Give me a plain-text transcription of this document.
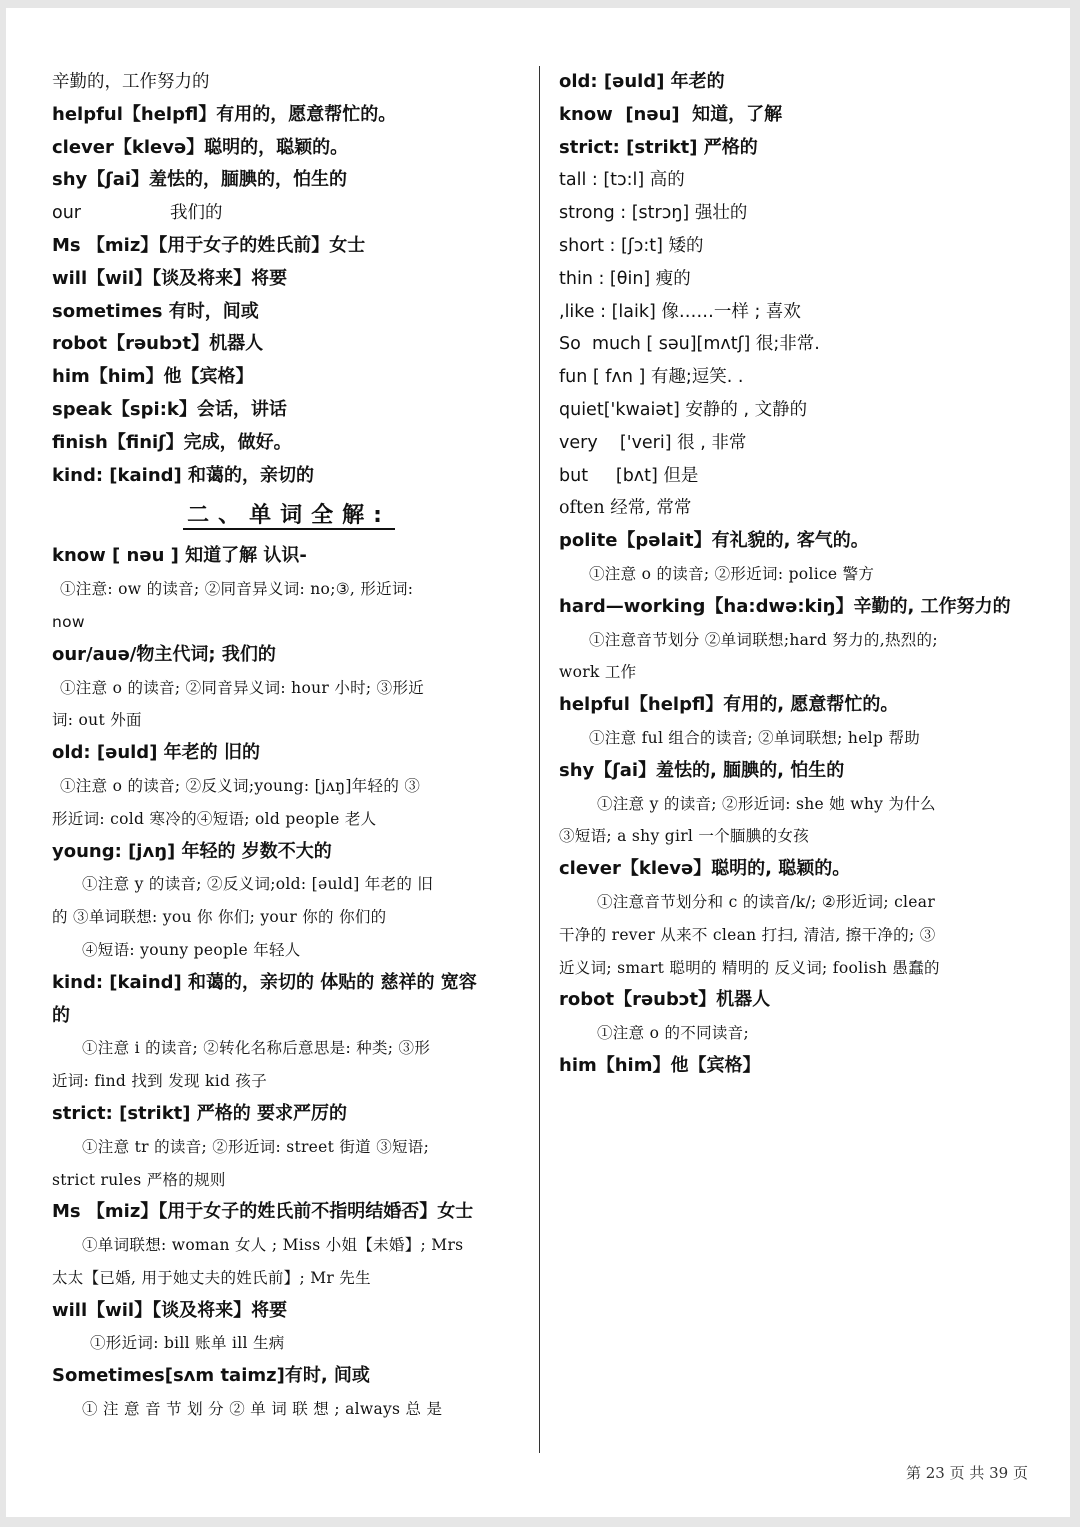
辛勤的，工作努力的
helpful【helpfl】有用的，愿意帮忙的。
clever【klevə】聪明的，聪颖的。
shy【ʃai】羞怯的，腼腆的，怕生的
our                我们的
Ms 【miz】【用于女子的姓氏前】女士
will【wil】【谈及将来】将要
sometimes 有时，间或
robot【rəubɔt】机器人
him【him】他【宾格】
speak【spi:k】会话，讲话
finish【finiʃ】完成，做好。
kind: [kaind] 和蔼的，亲切的
二、单词全解:
know [ nəu ] 知道了解 认识-
①注意: ow 的读音; ②同音异义词: no;③, 形近词:
now
our/auə/物主代词; 我们的
①注意 o 的读音; ②同音异义词: hour 小时; ③形近
词: out 外面
old: [əuld] 年老的 旧的
①注意 o 的读音; ②反义词;young: [jʌŋ]年轻的 ③
形近词: cold 寒冷的④短语; old people 老人
young: [jʌŋ] 年轻的 岁数不大的
①注意 y 的读音; ②反义词;old: [əuld] 年老的 旧
的 ③单词联想: you 你 你们; your 你的 你们的
④短语: youny people 年轻人
kind: [kaind] 和蔼的，亲切的 体贴的 慈祥的 宽容
的
①注意 i 的读音; ②转化名称后意思是: 种类; ③形
近词: find 找到 发现 kid 孩子
strict: [strikt] 严格的 要求严厉的
①注意 tr 的读音; ②形近词: street 街道 ③短语;
strict rules 严格的规则
Ms 【miz】【用于女子的姓氏前不指明结婚否】女士
①单词联想: woman 女人 ; Miss 小姐【未婚】; Mrs
太太【已婚, 用于她丈夫的姓氏前】; Mr 先生
will【wil】【谈及将来】将要
①形近词: bill 账单 ill 生病
Sometimes[sʌm taimz]有时, 间或
① 注 意 音 节 划 分 ② 单 词 联 想 ; always 总 是
old: [əuld] 年老的
know  [nəu]  知道，了解
strict: [strikt] 严格的
tall : [tɔ:l] 高的
strong : [strɔŋ] 强壮的
short : [ʃɔ:t] 矮的
thin : [θin] 瘦的
,like : [laik] 像……一样 ; 喜欢
So  much [ səu][mʌtʃ] 很;非常.
fun [ fʌn ] 有趣;逗笑. .
quiet['kwaiət] 安静的 , 文静的
very    ['veri] 很 , 非常
but     [bʌt] 但是
often 经常, 常常
polite【pəlait】有礼貌的, 客气的。
①注意 o 的读音; ②形近词: police 警方
hard—working【ha:dwə:kiŋ】辛勤的, 工作努力的
①注意音节划分 ②单词联想;hard 努力的,热烈的;
work 工作
helpful【helpfl】有用的, 愿意帮忙的。
①注意 ful 组合的读音; ②单词联想; help 帮助
shy【ʃai】羞怯的, 腼腆的, 怕生的
①注意 y 的读音; ②形近词: she 她 why 为什么
③短语; a shy girl 一个腼腆的女孩
clever【klevə】聪明的, 聪颖的。
①注意音节划分和 c 的读音/k/; ②形近词; clear
干净的 rever 从来不 clean 打扫, 清洁, 擦干净的; ③
近义词; smart 聪明的 精明的 反义词; foolish 愚蠢的
robot【rəubɔt】机器人
①注意 o 的不同读音;
him【him】他【宾格】
第 23 页 共 39 页
